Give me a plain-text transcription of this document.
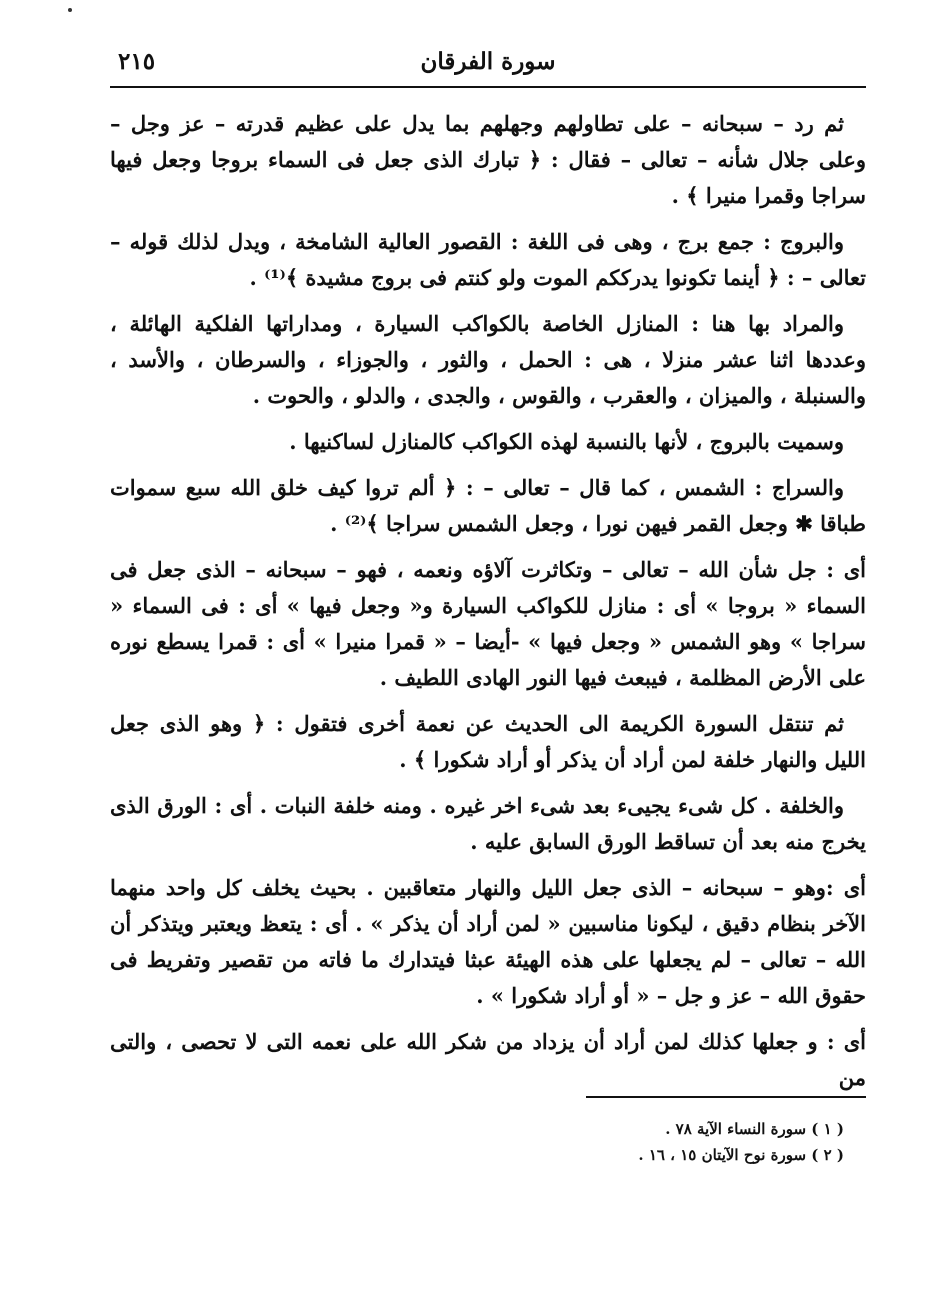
سورة الفرقان
٢١٥

ثم رد – سبحانه – على تطاولهم وجهلهم بما يدل على عظيم قدرته – عز وجل – وعلى جلال شأنه – تعالى – فقال : ﴿ تبارك الذى جعل فى السماء بروجا وجعل فيها سراجا وقمرا منيرا ﴾ .

والبروج : جمع برج ، وهى فى اللغة : القصور العالية الشامخة ، ويدل لذلك قوله – تعالى – : ﴿ أينما تكونوا يدرككم الموت ولو كنتم فى بروج مشيدة ﴾⁽¹⁾ .

والمراد بها هنا : المنازل الخاصة بالكواكب السيارة ، ومداراتها الفلكية الهائلة ، وعددها اثنا عشر منزلا ، هى : الحمل ، والثور ، والجوزاء ، والسرطان ، والأسد ، والسنبلة ، والميزان ، والعقرب ، والقوس ، والجدى ، والدلو ، والحوت .

وسميت بالبروج ، لأنها بالنسبة لهذه الكواكب كالمنازل لساكنيها .

والسراج : الشمس ، كما قال – تعالى – : ﴿ ألم تروا كيف خلق الله سبع سموات طباقا ✱ وجعل القمر فيهن نورا ، وجعل الشمس سراجا ﴾⁽²⁾ .

أى : جل شأن الله – تعالى – وتكاثرت آلاؤه ونعمه ، فهو – سبحانه – الذى جعل فى السماء « بروجا » أى : منازل للكواكب السيارة و« وجعل فيها » أى : فى السماء « سراجا » وهو الشمس « وجعل فيها » -أيضا – « قمرا منيرا » أى : قمرا يسطع نوره على الأرض المظلمة ، فيبعث فيها النور الهادى اللطيف .

ثم تنتقل السورة الكريمة الى الحديث عن نعمة أخرى فتقول : ﴿ وهو الذى جعل الليل والنهار خلفة لمن أراد أن يذكر أو أراد شكورا ﴾ .

والخلفة . كل شىء يجيىء بعد شىء اخر غيره . ومنه خلفة النبات . أى : الورق الذى يخرج منه بعد أن تساقط الورق السابق عليه .

أى :وهو – سبحانه – الذى جعل الليل والنهار متعاقبين . بحيث يخلف كل واحد منهما الآخر بنظام دقيق ، ليكونا مناسبين « لمن أراد أن يذكر » . أى : يتعظ ويعتبر ويتذكر أن الله – تعالى – لم يجعلها على هذه الهيئة عبثا فيتدارك ما فاته من تقصير وتفريط فى حقوق الله – عز و جل – « أو أراد شكورا » .

أى : و جعلها كذلك لمن أراد أن يزداد من شكر الله على نعمه التى لا تحصى ، والتى من

( ١ ) سورة النساء الآية ٧٨ .
( ٢ ) سورة نوح الآيتان ١٥ ، ١٦ .
